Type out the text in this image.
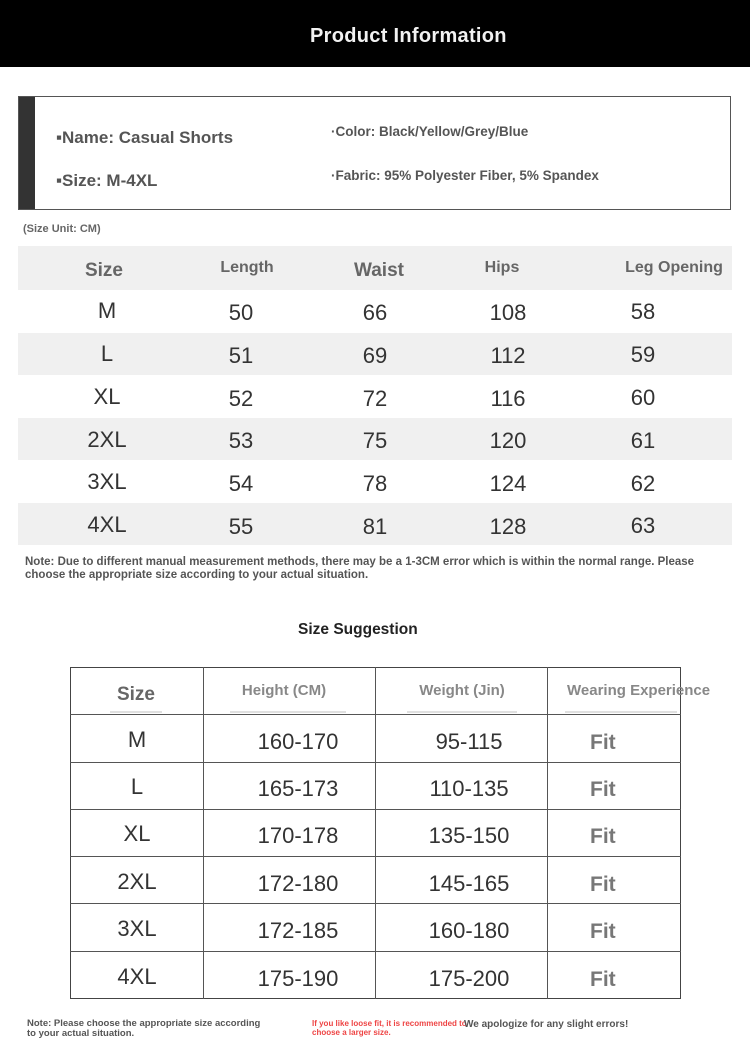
Product Information
▪Name: Casual Shorts
▪Size: M-4XL
·Color: Black/Yellow/Grey/Blue
·Fabric: 95% Polyester Fiber, 5% Spandex
(Size Unit: CM)
Size	Length	Waist	Hips	Leg Opening
M	50	66	108	58
L	51	69	112	59
XL	52	72	116	60
2XL	53	75	120	61
3XL	54	78	124	62
4XL	55	81	128	63
Note: Due to different manual measurement methods, there may be a 1-3CM error which is within the normal range. Please choose the appropriate size according to your actual situation.
Size Suggestion
Size	Height (CM)	Weight (Jin)	Wearing Experience
M	160-170	95-115	Fit
L	165-173	110-135	Fit
XL	170-178	135-150	Fit
2XL	172-180	145-165	Fit
3XL	172-185	160-180	Fit
4XL	175-190	175-200	Fit
Note: Please choose the appropriate size according to your actual situation.
If you like loose fit, it is recommended to choose a larger size.
We apologize for any slight errors!
